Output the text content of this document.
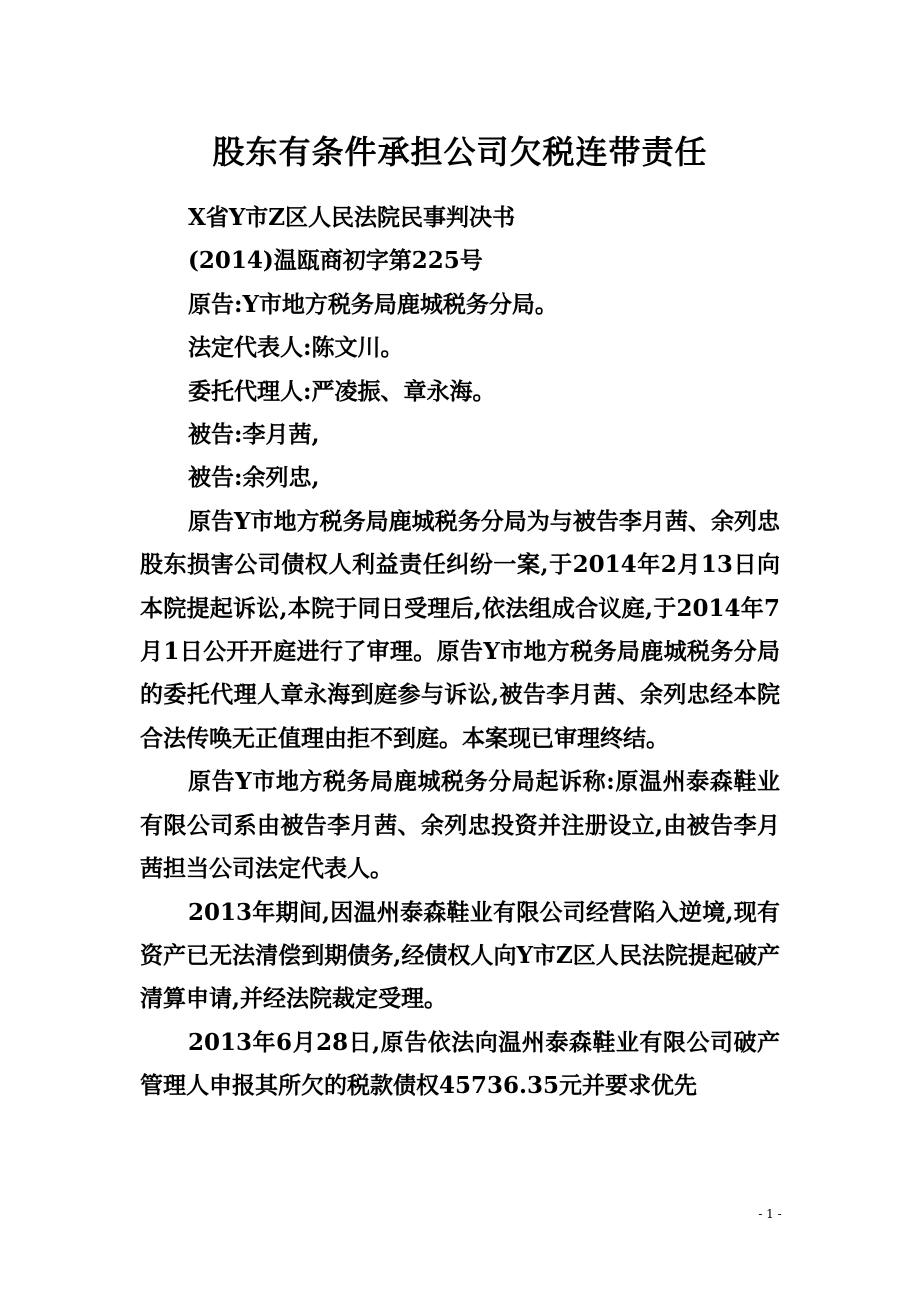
股东有条件承担公司欠税连带责任

X省Y市Z区人民法院民事判决书

(2014)温瓯商初字第225号

原告:Y市地方税务局鹿城税务分局。

法定代表人:陈文川。

委托代理人:严凌振、章永海。

被告:李月茜,

被告:余列忠,

原告Y市地方税务局鹿城税务分局为与被告李月茜、余列忠股东损害公司债权人利益责任纠纷一案,于2014年2月13日向本院提起诉讼,本院于同日受理后,依法组成合议庭,于2014年7月1日公开开庭进行了审理。原告Y市地方税务局鹿城税务分局的委托代理人章永海到庭参与诉讼,被告李月茜、余列忠经本院合法传唤无正值理由拒不到庭。本案现已审理终结。

原告Y市地方税务局鹿城税务分局起诉称:原温州泰森鞋业有限公司系由被告李月茜、余列忠投资并注册设立,由被告李月茜担当公司法定代表人。

2013年期间,因温州泰森鞋业有限公司经营陷入逆境,现有资产已无法清偿到期债务,经债权人向Y市Z区人民法院提起破产清算申请,并经法院裁定受理。

2013年6月28日,原告依法向温州泰森鞋业有限公司破产管理人申报其所欠的税款债权45736.35元并要求优先

- 1 -
